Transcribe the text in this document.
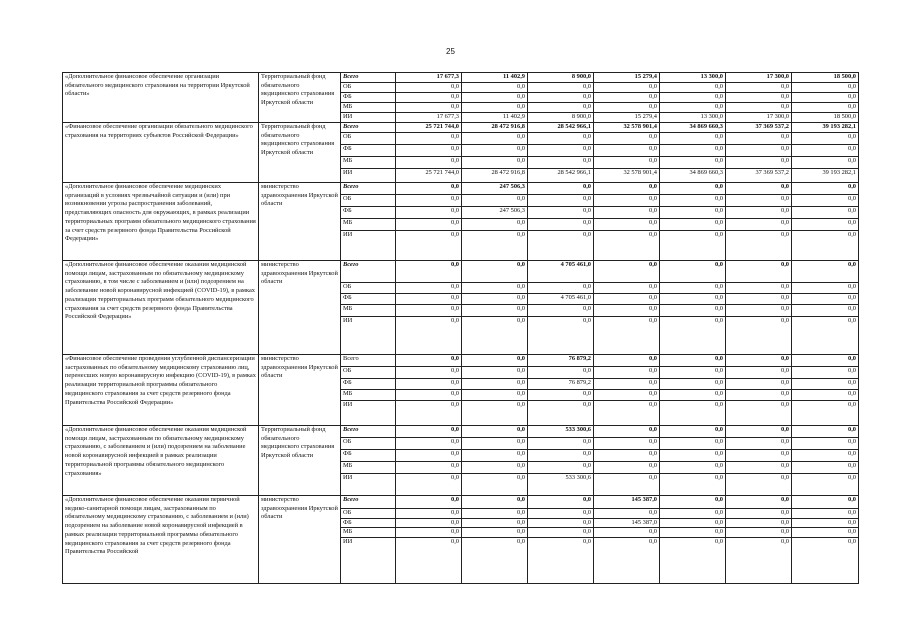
25
«Дополнительное финансовое обеспечение организации обязательного медицинского страхования на территории Иркутской области»	Территориальный фонд обязательного медицинского страхования Иркутской области	Всего	17 677,3	11 402,9	8 900,0	15 279,4	13 300,0	17 300,0	18 500,0
		ОБ	0,0	0,0	0,0	0,0	0,0	0,0	0,0
		ФБ	0,0	0,0	0,0	0,0	0,0	0,0	0,0
		МБ	0,0	0,0	0,0	0,0	0,0	0,0	0,0
		ИИ	17 677,3	11 402,9	8 900,0	15 279,4	13 300,0	17 300,0	18 500,0
«Финансовое обеспечение организации обязательного медицинского страхования на территориях субъектов Российской Федерации»	Территориальный фонд обязательного медицинского страхования Иркутской области	Всего	25 721 744,0	28 472 916,8	28 542 966,1	32 578 901,4	34 869 660,3	37 369 537,2	39 193 282,1
		ОБ	0,0	0,0	0,0	0,0	0,0	0,0	0,0
		ФБ	0,0	0,0	0,0	0,0	0,0	0,0	0,0
		МБ	0,0	0,0	0,0	0,0	0,0	0,0	0,0
		ИИ	25 721 744,0	28 472 916,8	28 542 966,1	32 578 901,4	34 869 660,3	37 369 537,2	39 193 282,1
«Дополнительное финансовое обеспечение медицинских организаций в условиях чрезвычайной ситуации и (или) при возникновении угрозы распространения заболеваний, представляющих опасность для окружающих, в рамках реализации территориальных программ обязательного медицинского страхования за счет средств резервного фонда Правительства Российской Федерации»	министерство здравоохранения Иркутской области	Всего	0,0	247 506,3	0,0	0,0	0,0	0,0	0,0
		ОБ	0,0	0,0	0,0	0,0	0,0	0,0	0,0
		ФБ	0,0	247 506,3	0,0	0,0	0,0	0,0	0,0
		МБ	0,0	0,0	0,0	0,0	0,0	0,0	0,0
		ИИ	0,0	0,0	0,0	0,0	0,0	0,0	0,0
«Дополнительное финансовое обеспечение оказания медицинской помощи лицам, застрахованным по обязательному медицинскому страхованию, в том числе с заболеванием и (или) подозрением на заболевание новой коронавирусной инфекцией (COVID-19), в рамках реализации территориальных программ обязательного медицинского страхования за счет средств резервного фонда Правительства Российской Федерации»	министерство здравоохранения Иркутской области	Всего	0,0	0,0	4 705 461,0	0,0	0,0	0,0	0,0
		ОБ	0,0	0,0	0,0	0,0	0,0	0,0	0,0
		ФБ	0,0	0,0	4 705 461,0	0,0	0,0	0,0	0,0
		МБ	0,0	0,0	0,0	0,0	0,0	0,0	0,0
		ИИ	0,0	0,0	0,0	0,0	0,0	0,0	0,0
«Финансовое обеспечение проведения углубленной диспансеризации застрахованных по обязательному медицинскому страхованию лиц, перенесших новую коронавирусную инфекцию (COVID-19), в рамках реализации территориальной программы обязательного медицинского страхования за счет средств резервного фонда Правительства Российской Федерации»	министерство здравоохранения Иркутской области	Всего	0,0	0,0	76 879,2	0,0	0,0	0,0	0,0
		ОБ	0,0	0,0	0,0	0,0	0,0	0,0	0,0
		ФБ	0,0	0,0	76 879,2	0,0	0,0	0,0	0,0
		МБ	0,0	0,0	0,0	0,0	0,0	0,0	0,0
		ИИ	0,0	0,0	0,0	0,0	0,0	0,0	0,0
«Дополнительное финансовое обеспечение оказания медицинской помощи лицам, застрахованным по обязательному медицинскому страхованию, с заболеванием и (или) подозрением на заболевание новой коронавирусной инфекцией в рамках реализации территориальной программы обязательного медицинского страхования»	Территориальный фонд обязательного медицинского страхования Иркутской области	Всего	0,0	0,0	533 300,6	0,0	0,0	0,0	0,0
		ОБ	0,0	0,0	0,0	0,0	0,0	0,0	0,0
		ФБ	0,0	0,0	0,0	0,0	0,0	0,0	0,0
		МБ	0,0	0,0	0,0	0,0	0,0	0,0	0,0
		ИИ	0,0	0,0	533 300,6	0,0	0,0	0,0	0,0
«Дополнительное финансовое обеспечение оказания первичной медико-санитарной помощи лицам, застрахованным по обязательному медицинскому страхованию, с заболеванием и (или) подозрением на заболевание новой коронавирусной инфекцией в рамках реализации территориальной программы обязательного медицинского страхования за счет средств резервного фонда Правительства Российской	министерство здравоохранения Иркутской области	Всего	0,0	0,0	0,0	145 387,0	0,0	0,0	0,0
		ОБ	0,0	0,0	0,0	0,0	0,0	0,0	0,0
		ФБ	0,0	0,0	0,0	145 387,0	0,0	0,0	0,0
		МБ	0,0	0,0	0,0	0,0	0,0	0,0	0,0
		ИИ	0,0	0,0	0,0	0,0	0,0	0,0	0,0
